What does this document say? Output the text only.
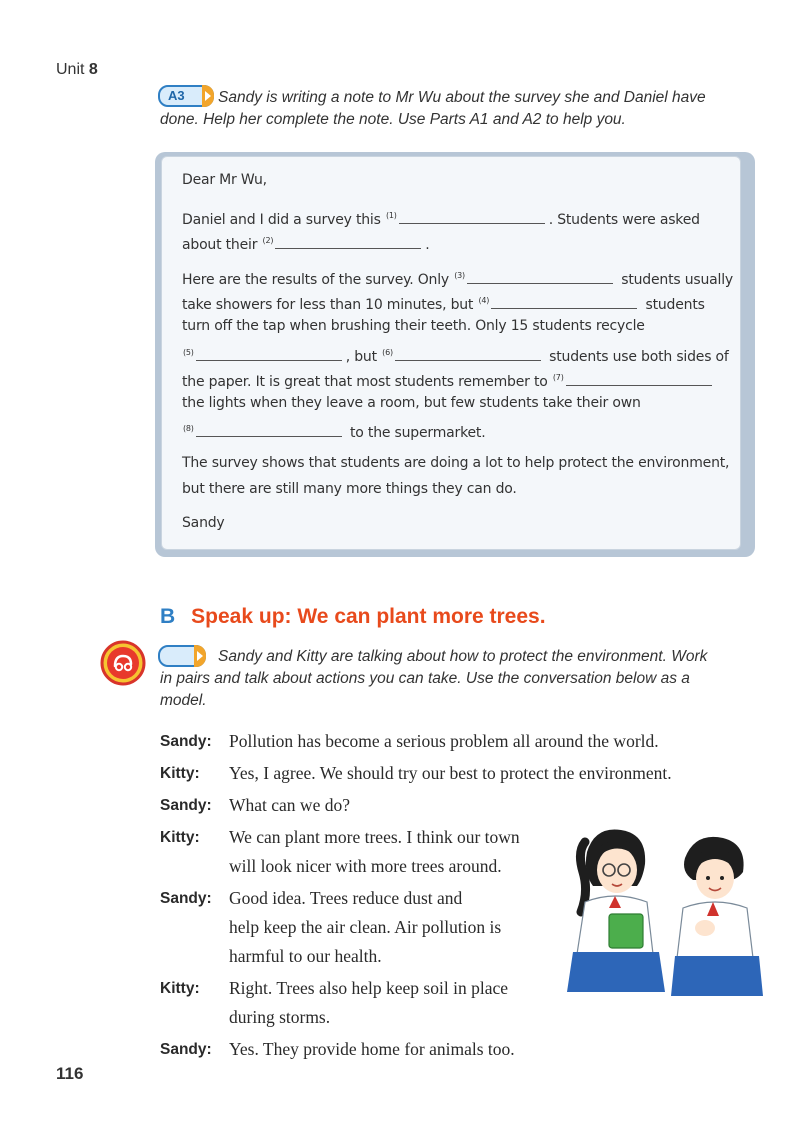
Unit 8
A3	Sandy is writing a note to Mr Wu about the survey she and Daniel have
done. Help her complete the note. Use Parts A1 and A2 to help you.
Dear Mr Wu,
Daniel and I did a survey this $^{(1)}$	. Students were asked
about their $^{(2)}$	.
Here are the results of the survey. Only $^{(3)}$	students usually
take showers for less than 10 minutes, but $^{(4)}$	students
turn off the tap when brushing their teeth. Only 15 students recycle
$^{(5)}$	, but $^{(6)}$	students use both sides of
the paper. It is great that most students remember to $^{(7)}$
the lights when they leave a room, but few students take their own
$^{(8)}$	to the supermarket.
The survey shows that students are doing a lot to help protect the environment,
but there are still many more things they can do.
Sandy
B Speak up: We can plant more trees.
Sandy and Kitty are talking about how to protect the environment. Work
in pairs and talk about actions you can take. Use the conversation below as a
model.
Sandy: Pollution has become a serious problem all around the world.
Kitty: Yes, I agree. We should try our best to protect the environment.
Sandy: What can we do?
Kitty: We can plant more trees. I think our town
will look nicer with more trees around.
Sandy: Good idea. Trees reduce dust and
help keep the air clean. Air pollution is
harmful to our health.
Kitty: Right. Trees also help keep soil in place
during storms.
Sandy: Yes. They provide home for animals too.
116
